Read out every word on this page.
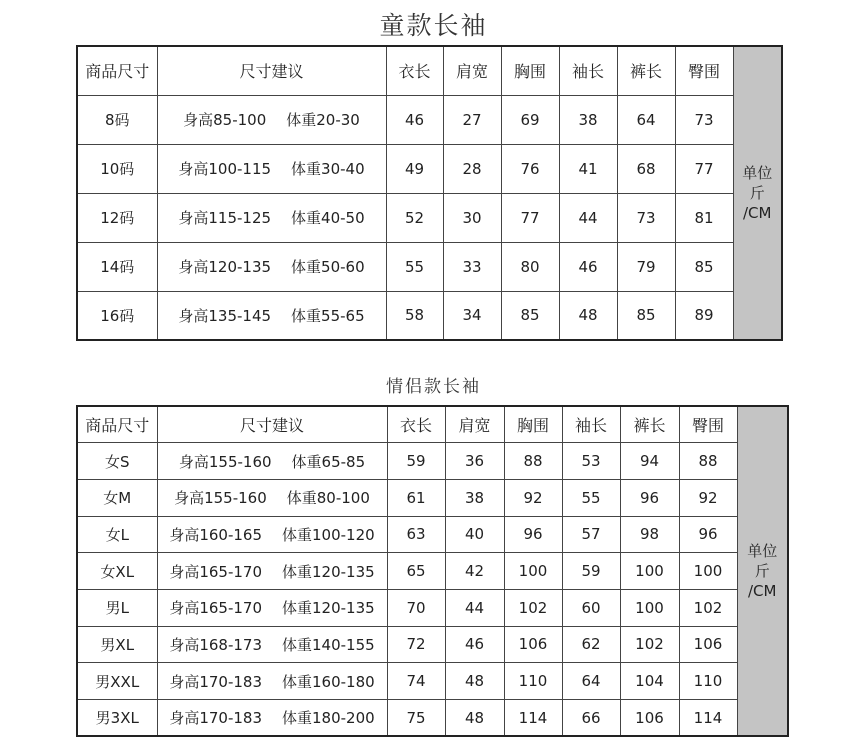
童款长袖
商品尺寸	尺寸建议	衣长	肩宽	胸围	袖长	裤长	臀围	单位
斤
/CM

8码	身高85-100 体重20-30	46	27	69	38	64	73	
10码	身高100-115 体重30-40	49	28	76	41	68	77	
12码	身高115-125 体重40-50	52	30	77	44	73	81	
14码	身高120-135 体重50-60	55	33	80	46	79	85	
16码	身高135-145 体重55-65	58	34	85	48	85	89	
情侣款长袖
商品尺寸	尺寸建议	衣长	肩宽	胸围	袖长	裤长	臀围	单位
斤
/CM

女S	身高155-160 体重65-85	59	36	88	53	94	88	
女M	身高155-160 体重80-100	61	38	92	55	96	92	
女L	身高160-165 体重100-120	63	40	96	57	98	96	
女XL	身高165-170 体重120-135	65	42	100	59	100	100	
男L	身高165-170 体重120-135	70	44	102	60	100	102	
男XL	身高168-173 体重140-155	72	46	106	62	102	106	
男XXL	身高170-183 体重160-180	74	48	110	64	104	110	
男3XL	身高170-183 体重180-200	75	48	114	66	106	114	
